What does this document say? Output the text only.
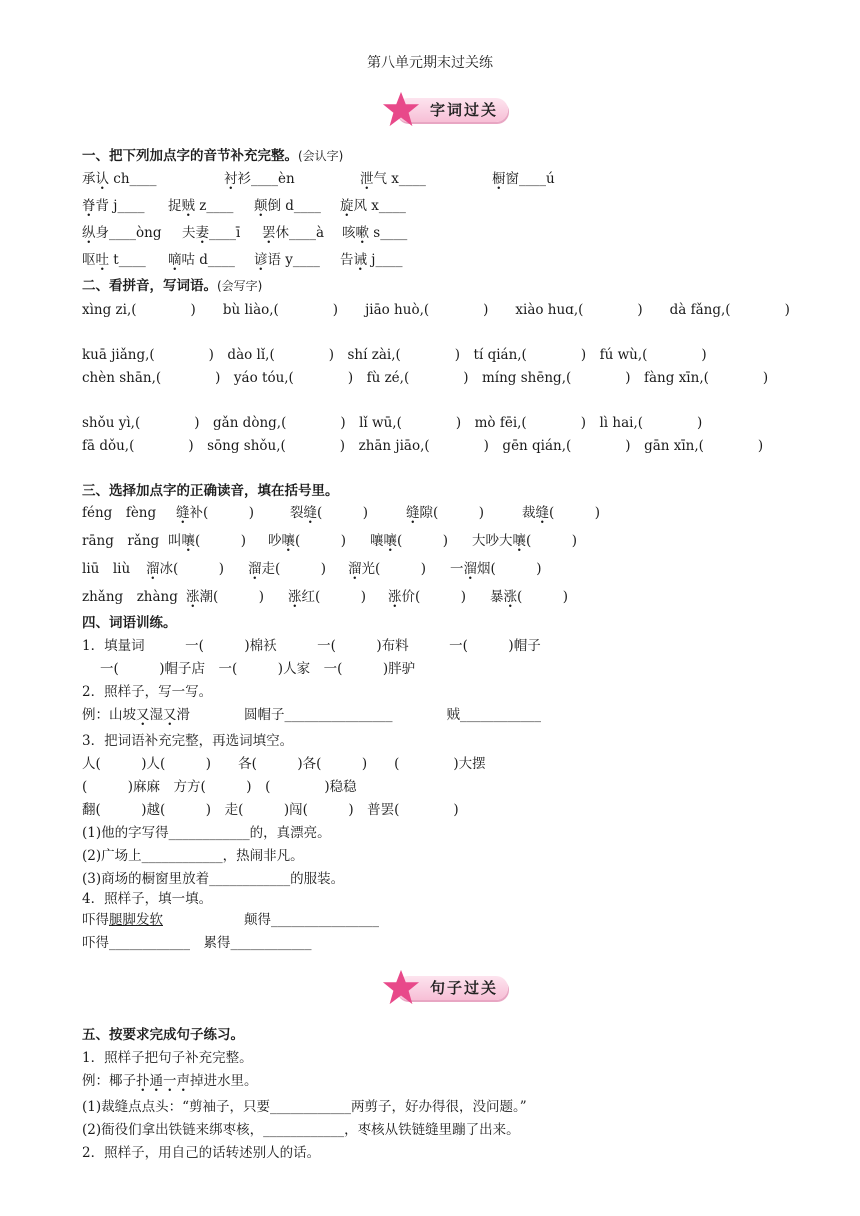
第八单元期末过关练
字词过关
一、把下列加点字的音节补充完整。(会认字)
承认 ch____	衬衫____èn	泄气 x____	橱窗____ú
脊背 j____ 捉贼 z____ 颠倒 d____ 旋风 x____
纵身____òng 夫妻____ī 罢休____à 咳嗽 s____
呕吐 t____ 嘀咕 d____ 谚语 y____ 告诫 j____
二、看拼音，写词语。(会写字)
xìng zi,(　　　　)　　bù liào,(　　　　)　　jiāo huò,(　　　　)　　xiào huɑ,(　　　　)　　dà fǎng,(　　　　)
kuā jiǎng,(　　　　)　dào lǐ,(　　　　)　shí zài,(　　　　)　tí qián,(　　　　)　fú wù,(　　　　)
chèn shān,(　　　　)　yáo tóu,(　　　　)　fù zé,(　　　　)　míng shēng,(　　　　)　fàng xīn,(　　　　)
shǒu yì,(　　　　)　gǎn dòng,(　　　　)　lǐ wū,(　　　　)　mò fēi,(　　　　)　lì hai,(　　　　)
fā dǒu,(　　　　)　sōng shǒu,(　　　　)　zhān jiāo,(　　　　)　gēn qián,(　　　　)　gān xīn,(　　　　)
三、选择加点字的正确读音，填在括号里。
féng　fèng 缝补(　　　)	裂缝(　　　)	缝隙(　　　)	裁缝(　　　)
rāng　rǎng 叫嚷(　　　) 吵嚷(　　　) 嚷嚷(　　　) 大吵大嚷(　　　)
liū　liù 溜冰(　　　) 溜走(　　　) 溜光(　　　) 一溜烟(　　　)
zhǎng　zhàng 涨潮(　　　) 涨红(　　　) 涨价(　　　) 暴涨(　　　)
四、词语训练。
1．填量词　　　一(　　　)棉袄　　　一(　　　)布料　　　一(　　　)帽子
一(　　　)帽子店　一(　　　)人家　一(　　　)胖驴
2．照样子，写一写。
例：山坡又湿又滑　　　　圆帽子________________　　　　贼____________
3．把词语补充完整，再选词填空。
人(　　　)人(　　　)　　各(　　　)各(　　　)　　(　　　　)大摆
(　　　)麻麻　方方(　　　)　(　　　　)稳稳
翻(　　　)越(　　　)　走(　　　)闯(　　　)　普罢(　　　　)
(1)他的字写得____________的，真漂亮。
(2)广场上____________，热闹非凡。
(3)商场的橱窗里放着____________的服装。
4．照样子，填一填。
吓得腿脚发软　　　　　　颠得________________
吓得____________　累得____________
句子过关
五、按要求完成句子练习。
1．照样子把句子补充完整。
例：椰子扑通一声掉进水里。
(1)裁缝点点头：“剪袖子，只要____________两剪子，好办得很，没问题。”
(2)衙役们拿出铁链来绑枣核，____________，枣核从铁链缝里蹦了出来。
2．照样子，用自己的话转述别人的话。
